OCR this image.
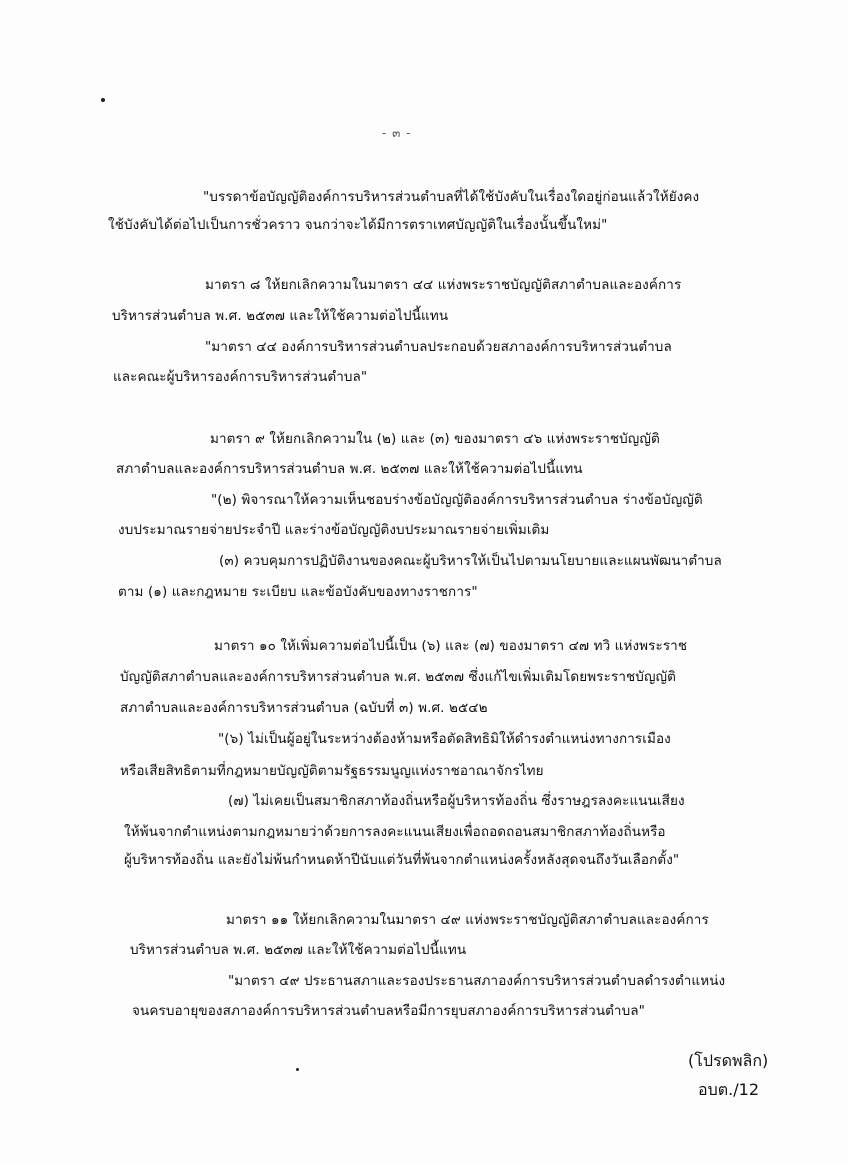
- ๓ -
"บรรดาข้อบัญญัติองค์การบริหารส่วนตำบลที่ได้ใช้บังคับในเรื่องใดอยู่ก่อนแล้วให้ยังคง
ใช้บังคับได้ต่อไปเป็นการชั่วคราว จนกว่าจะได้มีการตราเทศบัญญัติในเรื่องนั้นขึ้นใหม่"
มาตรา ๘ ให้ยกเลิกความในมาตรา ๔๔ แห่งพระราชบัญญัติสภาตำบลและองค์การ
บริหารส่วนตำบล พ.ศ. ๒๕๓๗ และให้ใช้ความต่อไปนี้แทน
"มาตรา ๔๔ องค์การบริหารส่วนตำบลประกอบด้วยสภาองค์การบริหารส่วนตำบล
และคณะผู้บริหารองค์การบริหารส่วนตำบล"
มาตรา ๙ ให้ยกเลิกความใน (๒) และ (๓) ของมาตรา ๔๖ แห่งพระราชบัญญัติ
สภาตำบลและองค์การบริหารส่วนตำบล พ.ศ. ๒๕๓๗ และให้ใช้ความต่อไปนี้แทน
"(๒) พิจารณาให้ความเห็นชอบร่างข้อบัญญัติองค์การบริหารส่วนตำบล ร่างข้อบัญญัติ
งบประมาณรายจ่ายประจำปี และร่างข้อบัญญัติงบประมาณรายจ่ายเพิ่มเติม
(๓) ควบคุมการปฏิบัติงานของคณะผู้บริหารให้เป็นไปตามนโยบายและแผนพัฒนาตำบล
ตาม (๑) และกฎหมาย ระเบียบ และข้อบังคับของทางราชการ"
มาตรา ๑๐ ให้เพิ่มความต่อไปนี้เป็น (๖) และ (๗) ของมาตรา ๔๗ ทวิ แห่งพระราช
บัญญัติสภาตำบลและองค์การบริหารส่วนตำบล พ.ศ. ๒๕๓๗ ซึ่งแก้ไขเพิ่มเติมโดยพระราชบัญญัติ
สภาตำบลและองค์การบริหารส่วนตำบล (ฉบับที่ ๓) พ.ศ. ๒๕๔๒
"(๖) ไม่เป็นผู้อยู่ในระหว่างต้องห้ามหรือตัดสิทธิมิให้ดำรงตำแหน่งทางการเมือง
หรือเสียสิทธิตามที่กฎหมายบัญญัติตามรัฐธรรมนูญแห่งราชอาณาจักรไทย
(๗) ไม่เคยเป็นสมาชิกสภาท้องถิ่นหรือผู้บริหารท้องถิ่น ซึ่งราษฎรลงคะแนนเสียง
ให้พ้นจากตำแหน่งตามกฎหมายว่าด้วยการลงคะแนนเสียงเพื่อถอดถอนสมาชิกสภาท้องถิ่นหรือ
ผู้บริหารท้องถิ่น และยังไม่พ้นกำหนดห้าปีนับแต่วันที่พ้นจากตำแหน่งครั้งหลังสุดจนถึงวันเลือกตั้ง"
มาตรา ๑๑ ให้ยกเลิกความในมาตรา ๔๙ แห่งพระราชบัญญัติสภาตำบลและองค์การ
บริหารส่วนตำบล พ.ศ. ๒๕๓๗ และให้ใช้ความต่อไปนี้แทน
"มาตรา ๔๙ ประธานสภาและรองประธานสภาองค์การบริหารส่วนตำบลดำรงตำแหน่ง
จนครบอายุของสภาองค์การบริหารส่วนตำบลหรือมีการยุบสภาองค์การบริหารส่วนตำบล"
(โปรดพลิก)
อบต./12
